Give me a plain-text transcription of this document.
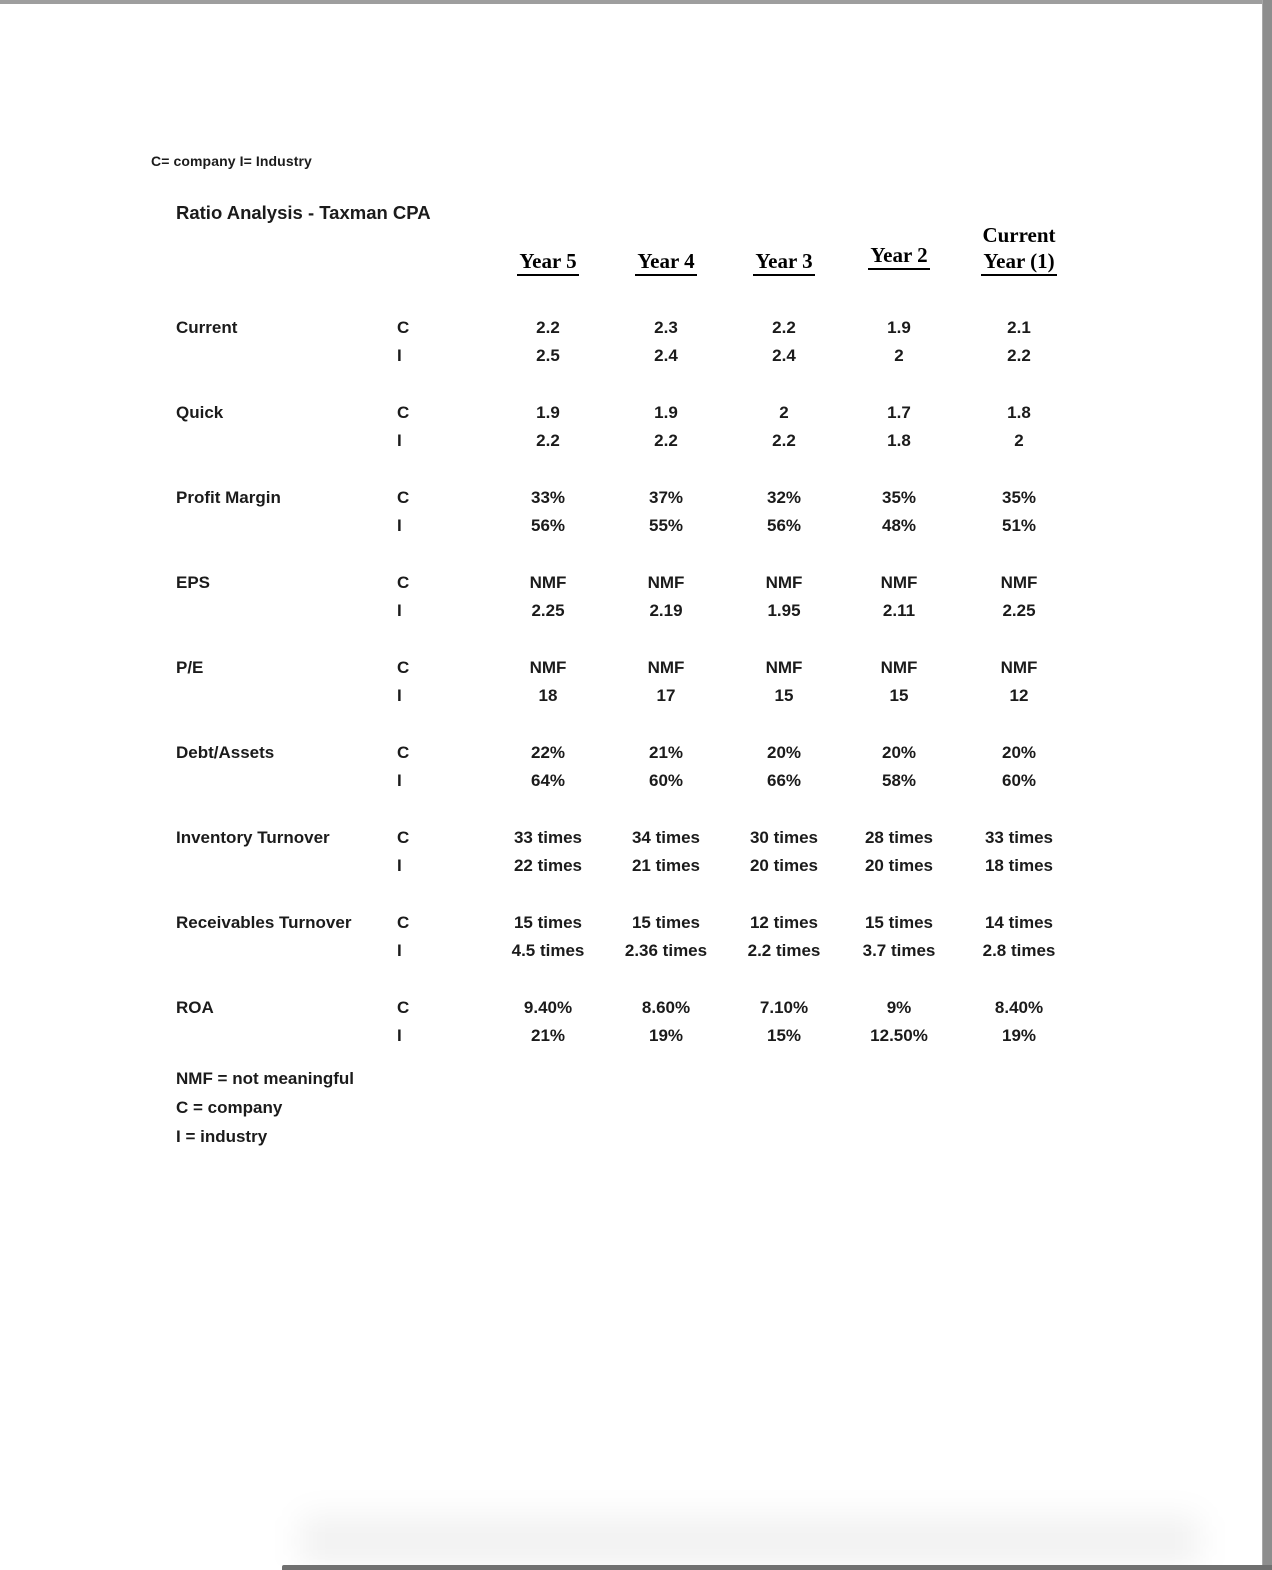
C= company I= Industry
Ratio Analysis - Taxman CPA

		Year 5	Year 4	Year 3	Year 2	Current
Year (1)

Current	C	2.2	2.3	2.2	1.9	2.1
	I	2.5	2.4	2.4	2	2.2

Quick	C	1.9	1.9	2	1.7	1.8
	I	2.2	2.2	2.2	1.8	2

Profit Margin	C	33%	37%	32%	35%	35%
	I	56%	55%	56%	48%	51%

EPS	C	NMF	NMF	NMF	NMF	NMF
	I	2.25	2.19	1.95	2.11	2.25

P/E	C	NMF	NMF	NMF	NMF	NMF
	I	18	17	15	15	12

Debt/Assets	C	22%	21%	20%	20%	20%
	I	64%	60%	66%	58%	60%

Inventory Turnover	C	33 times	34 times	30 times	28 times	33 times
	I	22 times	21 times	20 times	20 times	18 times

Receivables Turnover	C	15 times	15 times	12 times	15 times	14 times
	I	4.5 times	2.36 times	2.2 times	3.7 times	2.8 times

ROA	C	9.40%	8.60%	7.10%	9%	8.40%
	I	21%	19%	15%	12.50%	19%

NMF = not meaningful
C = company
I = industry
